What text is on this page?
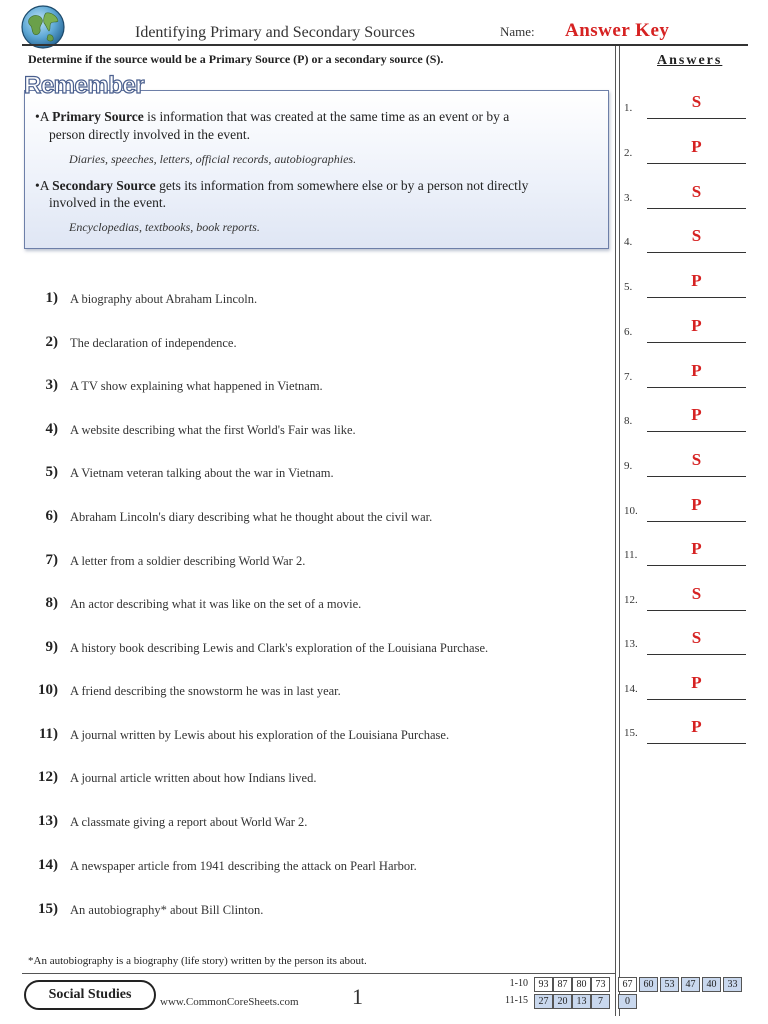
Identifying Primary and Secondary Sources	Name: Answer Key
Determine if the source would be a Primary Source (P) or a secondary source (S).
•A Primary Source is information that was created at the same time as an event or by a
person directly involved in the event.
Diaries, speeches, letters, official records, autobiographies.
•A Secondary Source gets its information from somewhere else or by a person not directly
involved in the event.
Encyclopedias, textbooks, book reports.
Remember
1) A biography about Abraham Lincoln.
2) The declaration of independence.
3) A TV show explaining what happened in Vietnam.
4) A website describing what the first World's Fair was like.
5) A Vietnam veteran talking about the war in Vietnam.
6) Abraham Lincoln's diary describing what he thought about the civil war.
7) A letter from a soldier describing World War 2.
8) An actor describing what it was like on the set of a movie.
9) A history book describing Lewis and Clark's exploration of the Louisiana Purchase.
10) A friend describing the snowstorm he was in last year.
11) A journal written by Lewis about his exploration of the Louisiana Purchase.
12) A journal article written about how Indians lived.
13) A classmate giving a report about World War 2.
14) A newspaper article from 1941 describing the attack on Pearl Harbor.
15) An autobiography* about Bill Clinton.
Answers
1.	S
2.	P
3.	S
4.	S
5.	P
6.	P
7.	P
8.	P
9.	S
10.	P
11.	P
12.	S
13.	S
14.	P
15.	P
*An autobiography is a biography (life story) written by the person its about.
Social Studies	www.CommonCoreSheets.com 1
1-10
11-15
93 87 80 73	67	60	53	47	40	33
27 20 13	7	0
